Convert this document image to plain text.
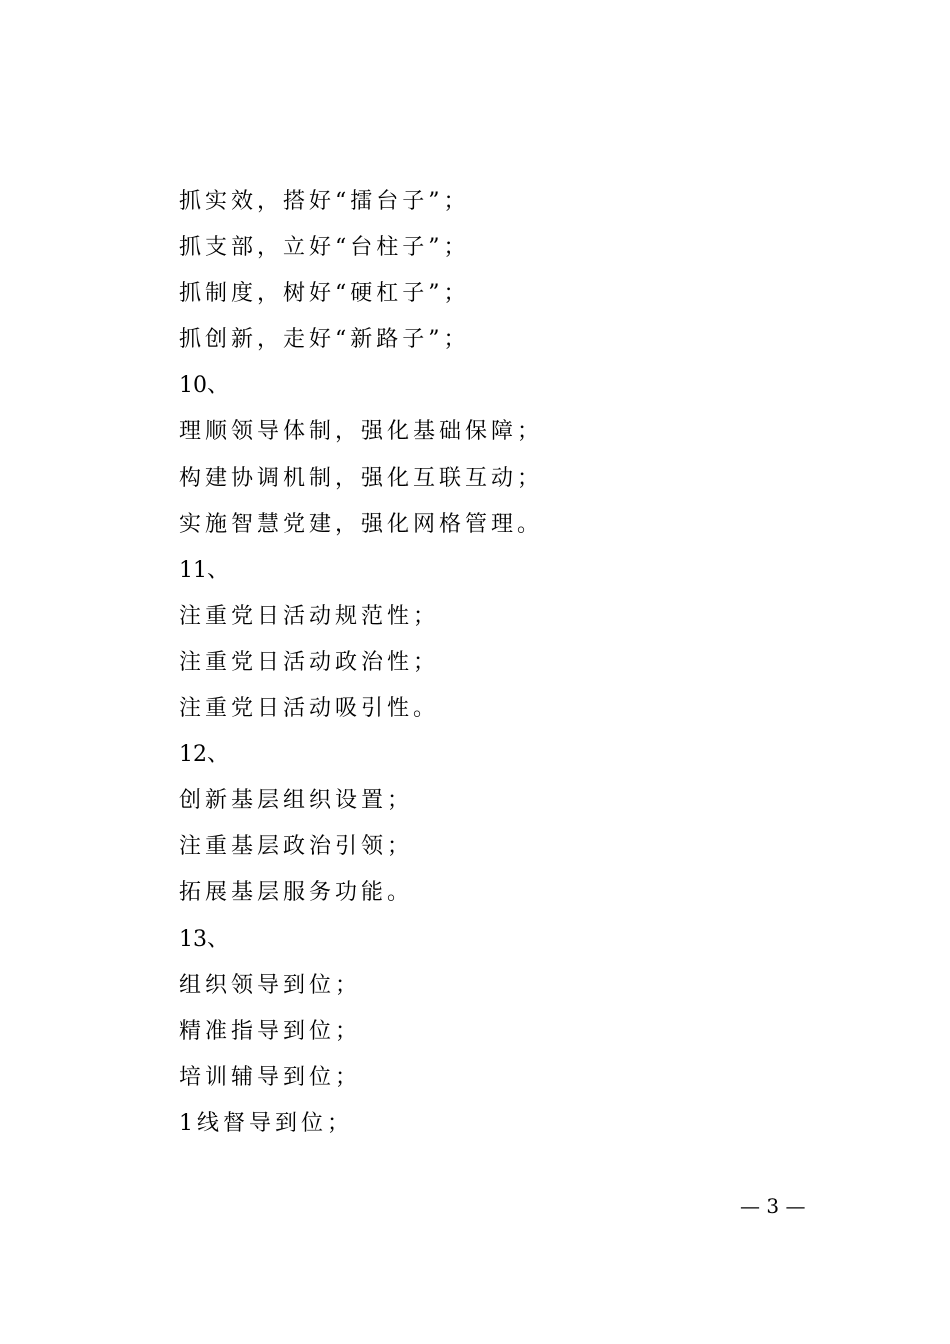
抓实效，搭好“擂台子”；
抓支部，立好“台柱子”；
抓制度，树好“硬杠子”；
抓创新，走好“新路子”；
10、
理顺领导体制，强化基础保障；
构建协调机制，强化互联互动；
实施智慧党建，强化网格管理。
11、
注重党日活动规范性；
注重党日活动政治性；
注重党日活动吸引性。
12、
创新基层组织设置；
注重基层政治引领；
拓展基层服务功能。
13、
组织领导到位；
精准指导到位；
培训辅导到位；
1线督导到位；
— 3 —
